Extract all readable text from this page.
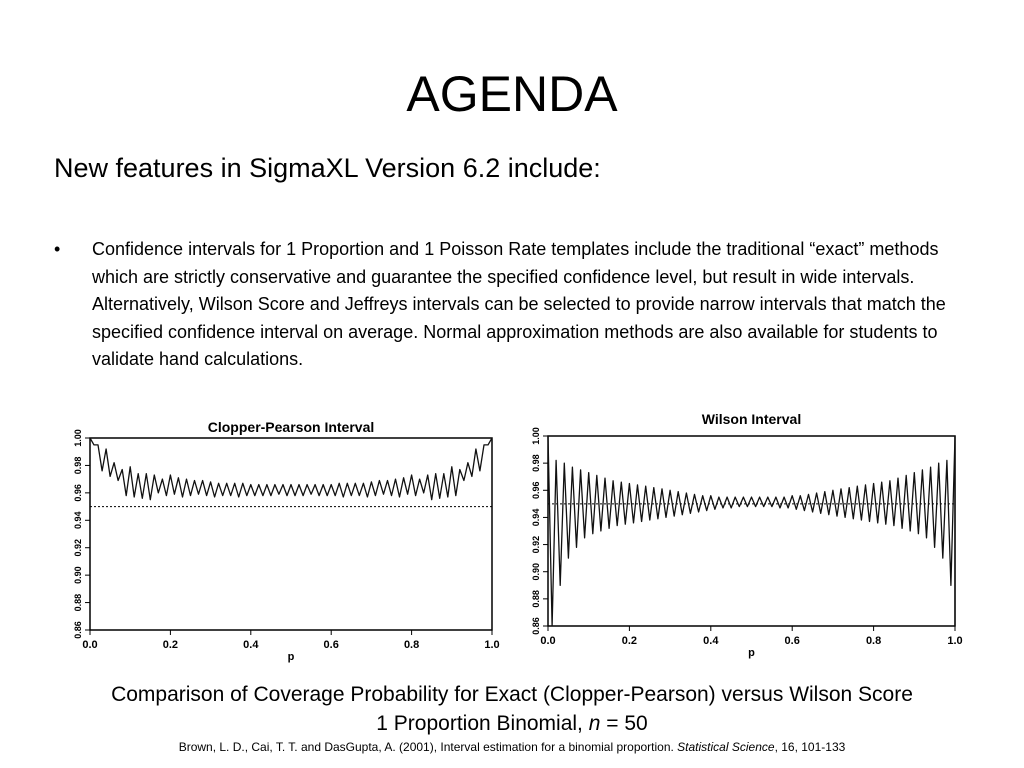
AGENDA
New features in SigmaXL Version 6.2 include:
• Confidence intervals for 1 Proportion and 1 Poisson Rate templates include the traditional “exact” methods which are strictly conservative and guarantee the specified confidence level, but result in wide intervals. Alternatively, Wilson Score and Jeffreys intervals can be selected to provide narrow intervals that match the specified confidence interval on average. Normal approximation methods are also available for students to validate hand calculations.
Clopper-Pearson Interval
0.86
0.88
0.90
0.92
0.94
0.96
0.98
1.00
0.0	0.2	0.4	0.6	0.8	1.0
p
Wilson Interval
0.86
0.88
0.90
0.92
0.94
0.96
0.98
1.00
0.0	0.2	0.4	0.6	0.8	1.0
p
Comparison of Coverage Probability for Exact (Clopper-Pearson) versus Wilson Score
1 Proportion Binomial, n = 50
Brown, L. D., Cai, T. T. and DasGupta, A. (2001), Interval estimation for a binomial proportion. Statistical Science, 16, 101-133
